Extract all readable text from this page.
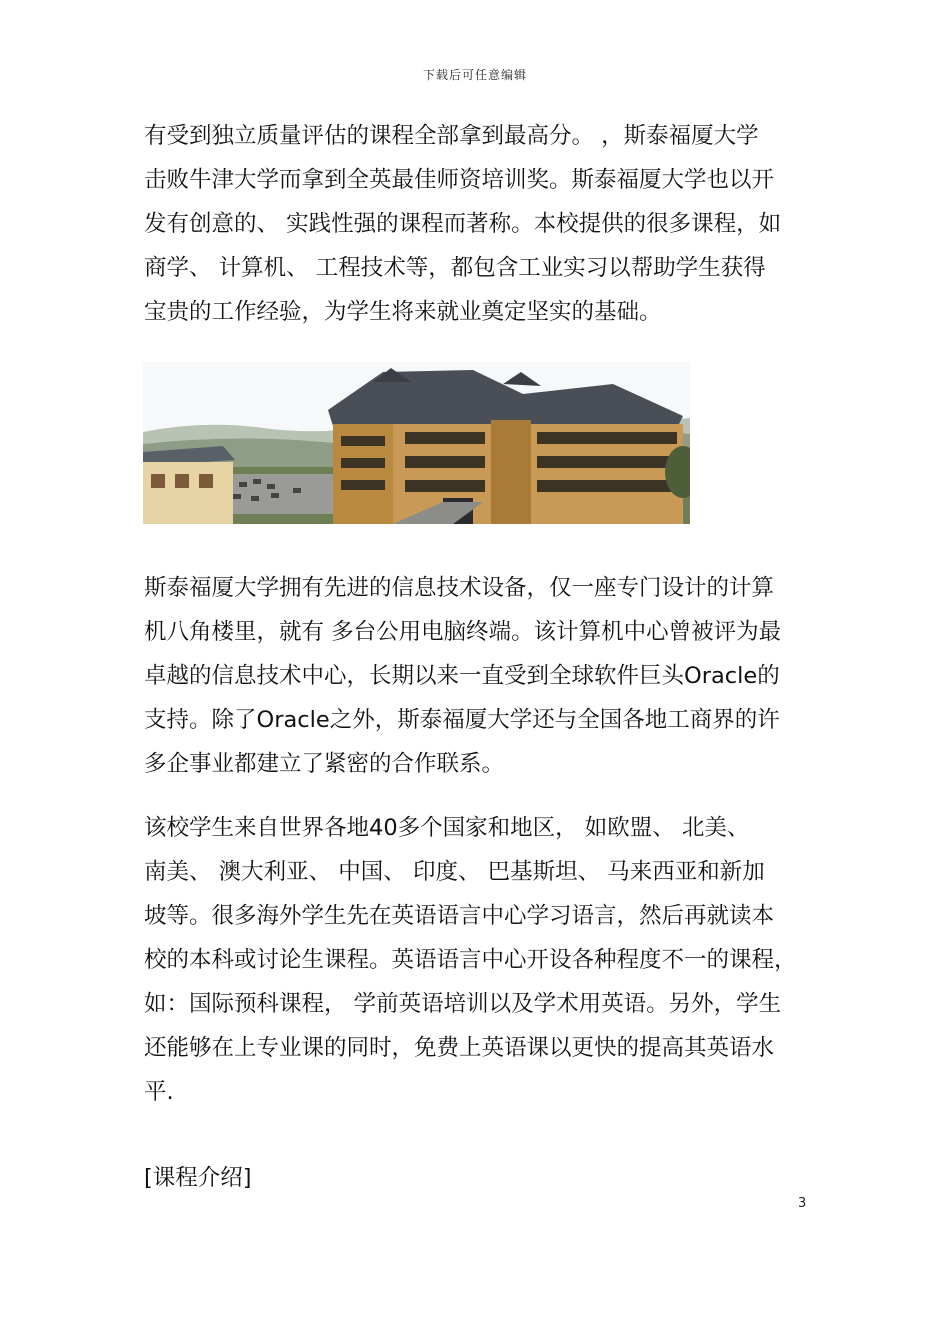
下载后可任意编辑
有受到独立质量评估的课程全部拿到最高分。 ，斯泰福厦大学
击败牛津大学而拿到全英最佳师资培训奖。斯泰福厦大学也以开
发有创意的、 实践性强的课程而著称。本校提供的很多课程，如
商学、 计算机、 工程技术等，都包含工业实习以帮助学生获得
宝贵的工作经验，为学生将来就业奠定坚实的基础。
斯泰福厦大学拥有先进的信息技术设备，仅一座专门设计的计算
机八角楼里，就有 多台公用电脑终端。该计算机中心曾被评为最
卓越的信息技术中心，长期以来一直受到全球软件巨头Oracle的
支持。除了Oracle之外，斯泰福厦大学还与全国各地工商界的许
多企事业都建立了紧密的合作联系。
该校学生来自世界各地40多个国家和地区， 如欧盟、 北美、
南美、 澳大利亚、 中国、 印度、 巴基斯坦、 马来西亚和新加
坡等。很多海外学生先在英语语言中心学习语言，然后再就读本
校的本科或讨论生课程。英语语言中心开设各种程度不一的课程，
如：国际预科课程， 学前英语培训以及学术用英语。另外，学生
还能够在上专业课的同时，免费上英语课以更快的提高其英语水
平.
[课程介绍]
3
